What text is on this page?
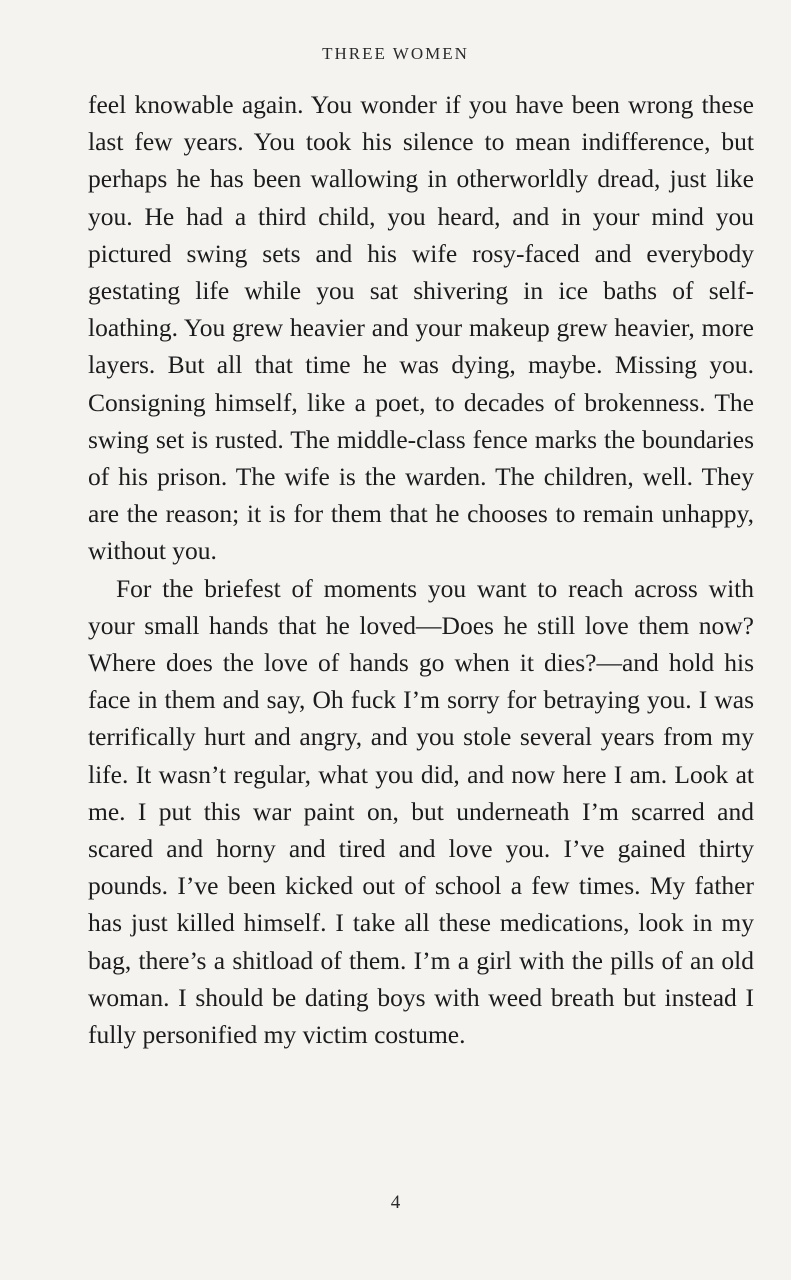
THREE WOMEN

feel knowable again. You wonder if you have been wrong these last few years. You took his silence to mean indifference, but perhaps he has been wallowing in otherworldly dread, just like you. He had a third child, you heard, and in your mind you pictured swing sets and his wife rosy-faced and everybody gestating life while you sat shivering in ice baths of self-loathing. You grew heavier and your makeup grew heavier, more layers. But all that time he was dying, maybe. Missing you. Consigning himself, like a poet, to decades of brokenness. The swing set is rusted. The middle-class fence marks the boundaries of his prison. The wife is the warden. The children, well. They are the reason; it is for them that he chooses to remain unhappy, without you.

For the briefest of moments you want to reach across with your small hands that he loved—Does he still love them now? Where does the love of hands go when it dies?—and hold his face in them and say, Oh fuck I’m sorry for betraying you. I was terrifically hurt and angry, and you stole several years from my life. It wasn’t regular, what you did, and now here I am. Look at me. I put this war paint on, but underneath I’m scarred and scared and horny and tired and love you. I’ve gained thirty pounds. I’ve been kicked out of school a few times. My father has just killed himself. I take all these medications, look in my bag, there’s a shitload of them. I’m a girl with the pills of an old woman. I should be dating boys with weed breath but instead I fully personified my victim costume.

4
